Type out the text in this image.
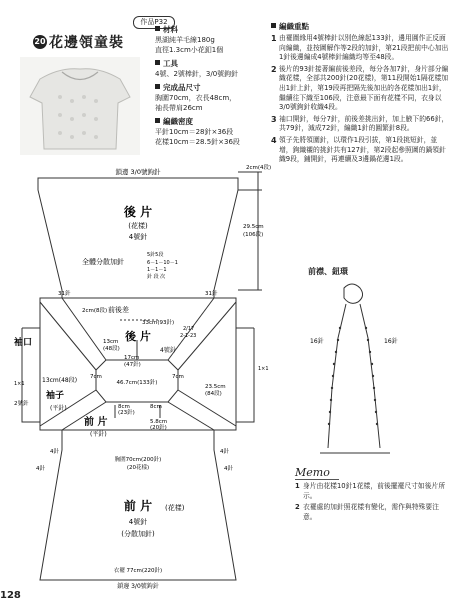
作品P32
20 花邊領童裝
材料
黑湖純羊毛線180g
直徑1.3cm小花釦1個
工具
4號、2號棒針，3/0號鉤針
完成品尺寸
胸圍70cm，衣長48cm，
袖長帶肩26cm
編織密度
平針10cm＝28針×36段
花樣10cm＝28.5針×36段
編織重點
1 由襬圍緣用4號棒針以別色線起133針，邊用圓作正反面向編織，並按圖解作等2段的加針，第21段把前中心加出1針後邊編成4號棒針編織均等至48段。
2 後片的93針接著編前後差段，每分各加7針，身片部分編織花樣，全部共200針(20花樣)，第11段開始1隔花樣加出1針上針，第19段再把隔先後加出的各花樣加出1針，繼續往下織至106段，注意最下面有花樣不同，衣身以3/0號鉤針收織4段。
3 袖口開針，每分7針，前後差挑出針，加上腋下的66針，共79針，減成72針，編織1針的圓繁針8段。
4 領子先將領圍針，以環作1段引拔，第1段挑短針，並增，鉤織襯的挑針共有127針，第2段起參照圖的鍋領針織9段，鋪開針，再連續及3邊鍋花邊1段。
鎖邊 3/0號鉤針
後 片
(花樣)
4號針
全體分散加針
5針5段
6－1－10－1
1－1－1
針 段 次
2cm(4段)
29.5cm
(106段)
31針	31針
2cm(8段) 前後差
33cm(93針)
後 片
4號針
13cm
(48段)
17cm
(47針)
2/17
2-1-23
袖口
13cm(48段)
袖子
(平針)
46.7cm(133針)
7cm	7cm
8cm
(23針)
8cm
5.8cm
(20針)
23.5cm
(84段)
前 片
(平針)
1×1
2號針
1×1
4針	4針
胸圍70cm(200針)
(20花樣)
前 片 (花樣)
4號針
(分散加針)
衣襬 77cm(220針)
鎖邊 3/0號鉤針
4針	4針
前襟、鈕環
16針	16針
Memo
1 身片由花樣10針1花樣，前後擺襬尺寸如後片所示。
2 衣襬處的加針照花樣有變化，需作與特殊要注意。
128
